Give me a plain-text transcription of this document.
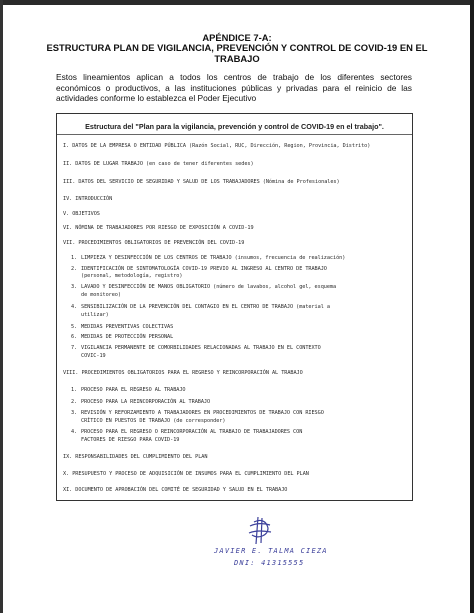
APÉNDICE 7-A:
ESTRUCTURA PLAN DE VIGILANCIA, PREVENCIÓN Y CONTROL DE COVID-19 EN EL TRABAJO
Estos lineamientos aplican a todos los centros de trabajo de los diferentes sectores económicos o productivos, a las instituciones públicas y privadas para el reinicio de las actividades conforme lo establezca el Poder Ejecutivo
Estructura del "Plan para la vigilancia, prevención y control de COVID-19 en el trabajo".
I. DATOS DE LA EMPRESA O ENTIDAD PÚBLICA (Razón Social, RUC, Dirección, Region, Provincia, Distrito)
II. DATOS DE LUGAR TRABAJO (en caso de tener diferentes sedes)
III. DATOS DEL SERVICIO DE SEGURIDAD Y SALUD DE LOS TRABAJADORES (Nómina de Profesionales)
IV. INTRODUCCIÓN
V. OBJETIVOS
VI. NÓMINA DE TRABAJADORES POR RIESGO DE EXPOSICIÓN A COVID-19
VII. PROCEDIMIENTOS OBLIGATORIOS DE PREVENCIÓN DEL COVID-19
1. LIMPIEZA Y DESINFECCIÓN DE LOS CENTROS DE TRABAJO (insumos, frecuencia de realización)
2. IDENTIFICACIÓN DE SINTOMATOLOGÍA COVID-19 PREVIO AL INGRESO AL CENTRO DE TRABAJO
(personal, metodología, registro)
3. LAVADO Y DESINFECCIÓN DE MANOS OBLIGATORIO (número de lavabos, alcohol gel, esquema
de monitoreo)
4. SENSIBILIZACIÓN DE LA PREVENCIÓN DEL CONTAGIO EN EL CENTRO DE TRABAJO (material a
utilizar)
5. MEDIDAS PREVENTIVAS COLECTIVAS
6. MEDIDAS DE PROTECCIÓN PERSONAL
7. VIGILANCIA PERMANENTE DE COMORBILIDADES RELACIONADAS AL TRABAJO EN EL CONTEXTO
COVIC-19
VIII. PROCEDIMIENTOS OBLIGATORIOS PARA EL REGRESO Y REINCORPORACIÓN AL TRABAJO
1. PROCESO PARA EL REGRESO AL TRABAJO
2. PROCESO PARA LA REINCORPORACIÓN AL TRABAJO
3. REVISIÓN Y REFORZAMIENTO A TRABAJADORES EN PROCEDIMIENTOS DE TRABAJO CON RIESGO
CRÍTICO EN PUESTOS DE TRABAJO (de corresponder)
4. PROCESO PARA EL REGRESO O REINCORPORACIÓN AL TRABAJO DE TRABAJADORES CON
FACTORES DE RIESGO PARA COVID-19
IX. RESPONSABILIDADES DEL CUMPLIMIENTO DEL PLAN
X. PRESUPUESTO Y PROCESO DE ADQUISICIÓN DE INSUMOS PARA EL CUMPLIMIENTO DEL PLAN
XI. DOCUMENTO DE APROBACIÓN DEL COMITÉ DE SEGURIDAD Y SALUD EN EL TRABAJO
JAVIER E. TALMA CIEZA
DNI: 41315555
